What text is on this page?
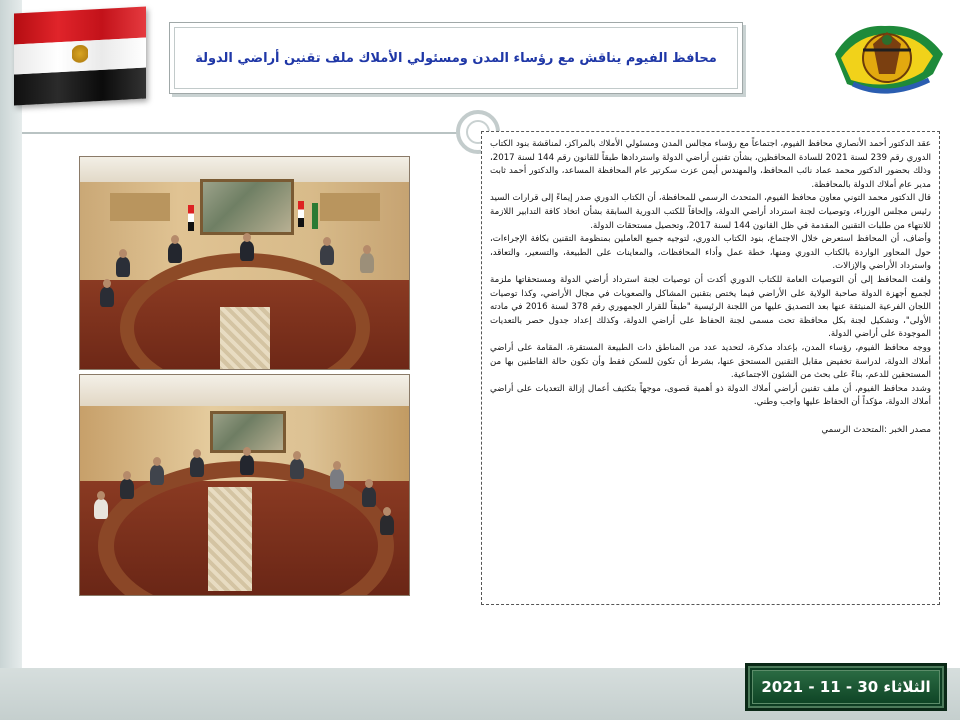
محافظ الفيوم يناقش مع رؤساء المدن ومسئولي الأملاك ملف تقنين أراضي الدولة

عقد الدكتور أحمد الأنصاري محافظ الفيوم، اجتماعاً مع رؤساء مجالس المدن ومسئولي الأملاك بالمراكز، لمناقشة بنود الكتاب الدوري رقم 239 لسنة 2021 للسادة المحافظين، بشأن تقنين أراضي الدولة واستردادها طبقاً للقانون رقم 144 لسنة 2017، وذلك بحضور الدكتور محمد عماد نائب المحافظ، والمهندس أيمن عزت سكرتير عام المحافظة المساعد، والدكتور أحمد ثابت مدير عام أملاك الدولة بالمحافظة.

قال الدكتور محمد التوني معاون محافظ الفيوم، المتحدث الرسمي للمحافظة، أن الكتاب الدوري صدر إيماءً إلى قرارات السيد رئيس مجلس الوزراء، وتوصيات لجنة استرداد أراضي الدولة، وإلحاقاً للكتب الدورية السابقة بشأن اتخاذ كافة التدابير اللازمة للانتهاء من طلبات التقنين المقدمة في ظل القانون 144 لسنة 2017، وتحصيل مستحقات الدولة.

وأضاف، أن المحافظ استعرض خلال الاجتماع، بنود الكتاب الدوري، لتوجيه جميع العاملين بمنظومة التقنين بكافة الإجراءات، حول المحاور الواردة بالكتاب الدوري ومنها، خطة عمل وأداء المحافظات، والمعاينات على الطبيعة، والتسعير، والتعاقد، واسترداد الأراضي والإزالات.

ولفت المحافظ إلى أن التوصيات العامة للكتاب الدوري أكدت أن توصيات لجنة استرداد أراضي الدولة ومستحقاتها ملزمة لجميع أجهزة الدولة صاحبة الولاية على الأراضي فيما يختص بتقنين المشاكل والصعوبات في مجال الأراضي، وكذا توصيات اللجان الفرعية المنبثقة عنها بعد التصديق عليها من اللجنة الرئيسية "طبقاً للقرار الجمهوري رقم 378 لسنة 2016 في مادته الأولى"، وتشكيل لجنة بكل محافظة تحت مسمى لجنة الحفاظ على أراضي الدولة، وكذلك إعداد جدول حصر بالتعديات الموجودة على أراضي الدولة.

ووجه محافظ الفيوم، رؤساء المدن، بإعداد مذكرة، لتحديد عدد من المناطق ذات الطبيعة المستقرة، المقامة على أراضي أملاك الدولة، لدراسة تخفيض مقابل التقنين المستحق عنها، بشرط أن تكون للسكن فقط وأن تكون حالة القاطنين بها من المستحقين للدعم، بناءً على بحث من الشئون الاجتماعية.

وشدد محافظ الفيوم، أن ملف تقنين أراضي أملاك الدولة ذو أهمية قصوى، موجهاً بتكثيف أعمال إزالة التعديات على أراضي أملاك الدولة، مؤكداً أن الحفاظ عليها واجب وطني.

مصدر الخبر :المتحدث الرسمي

الثلاثاء 30 - 11 - 2021
